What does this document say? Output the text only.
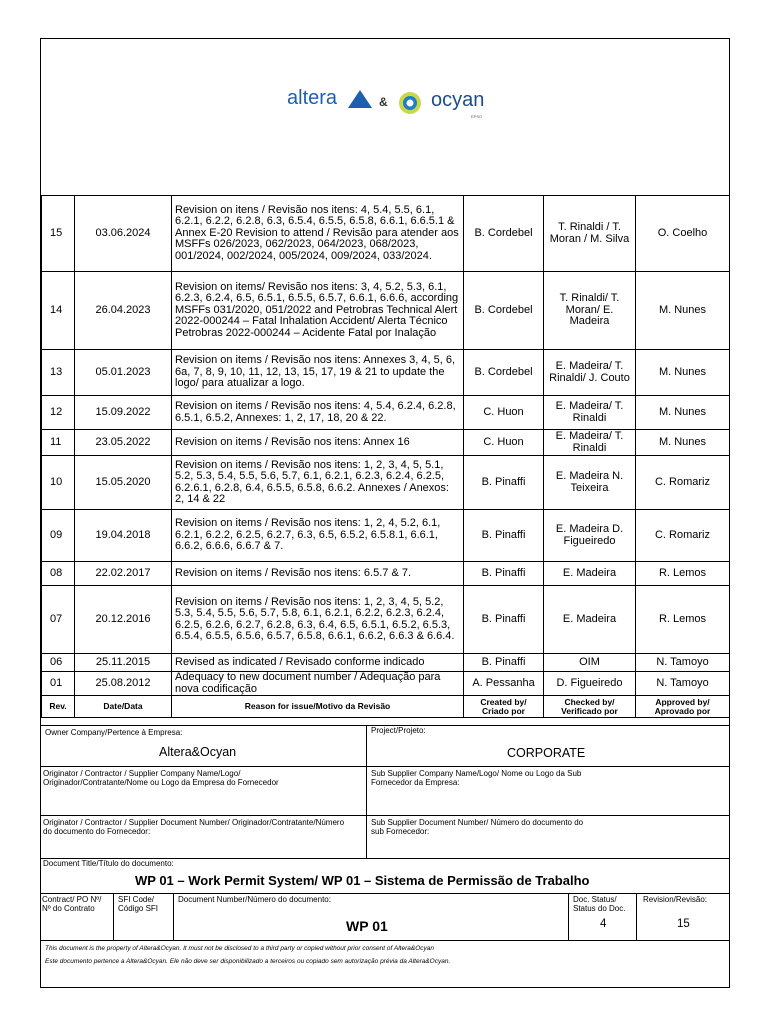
altera	& ocyan
EPSO
15	03.06.2024	Revision on itens / Revisão nos itens: 4, 5.4, 5.5, 6.1, 6.2.1, 6.2.2, 6.2.8, 6.3, 6.5.4, 6.5.5, 6.5.8, 6.6.1, 6.6.5.1 & Annex E-20 Revision to attend / Revisão para atender aos MSFFs 026/2023, 062/2023, 064/2023, 068/2023, 001/2024, 002/2024, 005/2024, 009/2024, 033/2024.	B. Cordebel	T. Rinaldi / T. Moran / M. Silva	O. Coelho
14	26.04.2023	Revision on items/ Revisão nos itens: 3, 4, 5.2, 5.3, 6.1, 6.2.3, 6.2.4, 6.5, 6.5.1, 6.5.5, 6.5.7, 6.6.1, 6.6.6, according MSFFs 031/2020, 051/2022 and Petrobras Technical Alert 2022-000244 – Fatal Inhalation Accident/ Alerta Técnico Petrobras 2022-000244 – Acidente Fatal por Inalação	B. Cordebel	T. Rinaldi/ T. Moran/ E. Madeira	M. Nunes
13	05.01.2023	Revision on items / Revisão nos itens: Annexes 3, 4, 5, 6, 6a, 7, 8, 9, 10, 11, 12, 13, 15, 17, 19 & 21 to update the logo/ para atualizar a logo.	B. Cordebel	E. Madeira/ T. Rinaldi/ J. Couto	M. Nunes
12	15.09.2022	Revision on items / Revisão nos itens: 4, 5.4, 6.2.4, 6.2.8, 6.5.1, 6.5.2, Annexes: 1, 2, 17, 18, 20 & 22.	C. Huon	E. Madeira/ T. Rinaldi	M. Nunes
11	23.05.2022	Revision on items / Revisão nos itens: Annex 16	C. Huon	E. Madeira/ T. Rinaldi	M. Nunes
10	15.05.2020	Revision on items / Revisão nos itens: 1, 2, 3, 4, 5, 5.1, 5.2, 5.3, 5.4, 5.5, 5.6, 5.7, 6.1, 6.2.1, 6.2.3, 6.2.4, 6.2.5, 6.2.6.1, 6.2.8, 6.4, 6.5.5, 6.5.8, 6.6.2. Annexes / Anexos: 2, 14 & 22	B. Pinaffi	E. Madeira N. Teixeira	C. Romariz
09	19.04.2018	Revision on items / Revisão nos itens: 1, 2, 4, 5.2, 6.1, 6.2.1, 6.2.2, 6.2.5, 6.2.7, 6.3, 6.5, 6.5.2, 6.5.8.1, 6.6.1, 6.6.2, 6.6.6, 6.6.7 & 7.	B. Pinaffi	E. Madeira D. Figueiredo	C. Romariz
08	22.02.2017	Revision on items / Revisão nos itens: 6.5.7 & 7.	B. Pinaffi	E. Madeira	R. Lemos
07	20.12.2016	Revision on items / Revisão nos itens: 1, 2, 3, 4, 5, 5.2, 5.3, 5.4, 5.5, 5.6, 5.7, 5.8, 6.1, 6.2.1, 6.2.2, 6.2.3, 6.2.4, 6.2.5, 6.2.6, 6.2.7, 6.2.8, 6.3, 6.4, 6.5, 6.5.1, 6.5.2, 6.5.3, 6.5.4, 6.5.5, 6.5.6, 6.5.7, 6.5.8, 6.6.1, 6.6.2, 6.6.3 & 6.6.4.	B. Pinaffi	E. Madeira	R. Lemos
06	25.11.2015	Revised as indicated / Revisado conforme indicado	B. Pinaffi	OIM	N. Tamoyo
01	25.08.2012	Adequacy to new document number / Adequação para nova codificação	A. Pessanha	D. Figueiredo	N. Tamoyo
Rev.	Date/Data	Reason for issue/Motivo da Revisão	Created by/ Criado por	Checked by/ Verificado por	Approved by/ Aprovado por
Owner Company/Pertence à Empresa:
Altera&Ocyan
Project/Projeto:
CORPORATE
Originator / Contractor / Supplier Company Name/Logo/ Originador/Contratante/Nome ou Logo da Empresa do Fornecedor
Sub Supplier Company Name/Logo/ Nome ou Logo da Sub Fornecedor da Empresa:
Originator / Contractor / Supplier Document Number/ Originador/Contratante/Número do documento do Fornecedor:
Sub Supplier Document Number/ Número do documento do sub Fornecedor:
Document Title/Título do documento:
WP 01 – Work Permit System/ WP 01 – Sistema de Permissão de Trabalho
Contract/ PO Nº/ Nº do Contrato
SFI Code/ Código SFI
Document Number/Número do documento:
WP 01
Doc. Status/ Status do Doc.
4
Revision/Revisão:
15
This document is the property of Altera&Ocyan. It must not be disclosed to a third party or copied without prior consent of Altera&Ocyan
Este documento pertence a Altera&Ocyan. Ele não deve ser disponibilizado a terceiros ou copiado sem autorização prévia da Altera&Ocyan.
